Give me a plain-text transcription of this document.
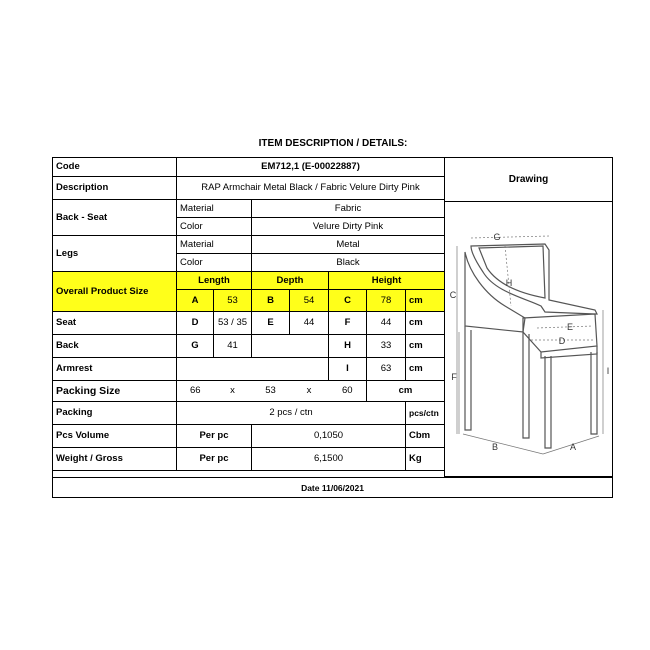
ITEM DESCRIPTION / DETAILS:
Code	EM712,1 (E-00022887)						
Description	RAP Armchair Metal Black / Fabric Velure Dirty Pink						
Back - Seat	Material		Fabric				
	Color		Velure Dirty Pink				
Legs	Material		Metal				
	Color		Black				
Overall Product Size	Length		Depth		Height		
	A	53	B	54	C	78	cm
Seat	D	53 / 35	E	44	F	44	cm
Back	G	41			H	33	cm
Armrest					I	63	cm
Packing Size	66	x	53	x	60	cm	
Packing	2 pcs / ctn						pcs/ctn
Pcs Volume	Per pc		0,1050				Cbm
Weight / Gross	Per pc		6,1500				Kg
Drawing
G
H
C
E
D
F
I
B	A
Date 11/06/2021
